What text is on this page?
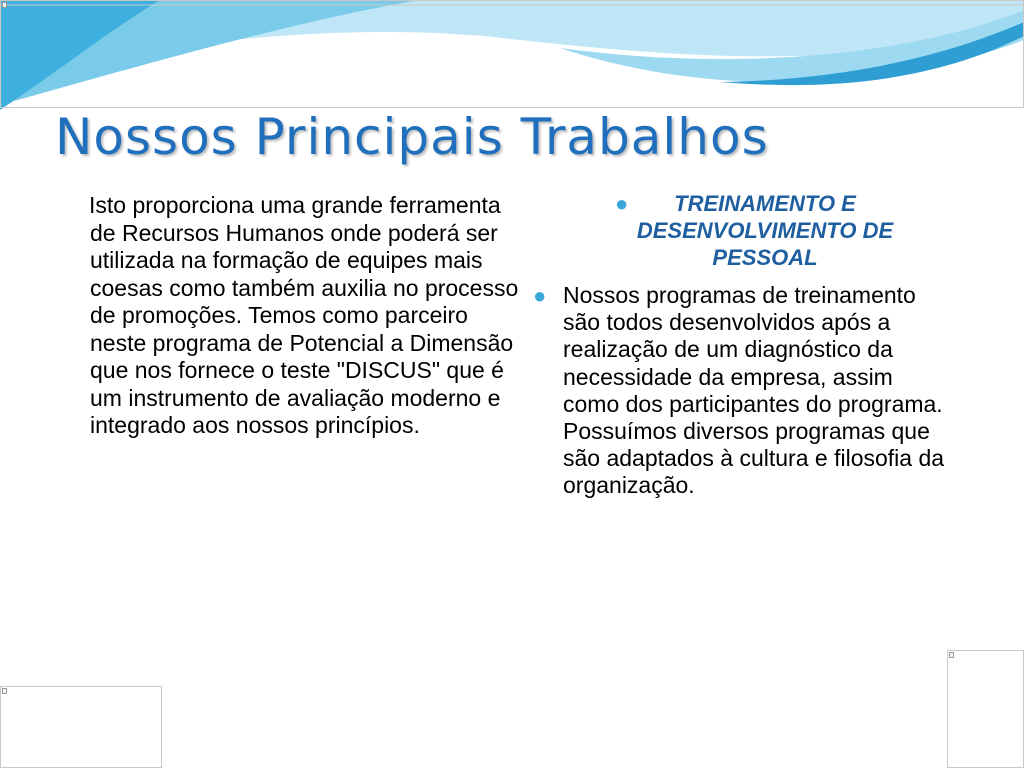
Nossos Principais Trabalhos

Isto proporciona uma grande ferramenta de Recursos Humanos onde poderá ser utilizada na formação de equipes mais coesas como também auxilia no processo de promoções. Temos como parceiro neste programa de Potencial a Dimensão que nos fornece o teste "DISCUS" que é um instrumento de avaliação moderno e integrado aos nossos princípios.

● TREINAMENTO E DESENVOLVIMENTO DE PESSOAL
● Nossos programas de treinamento são todos desenvolvidos após a realização de um diagnóstico da necessidade da empresa, assim como dos participantes do programa. Possuímos diversos programas que são adaptados à cultura e filosofia da organização.
